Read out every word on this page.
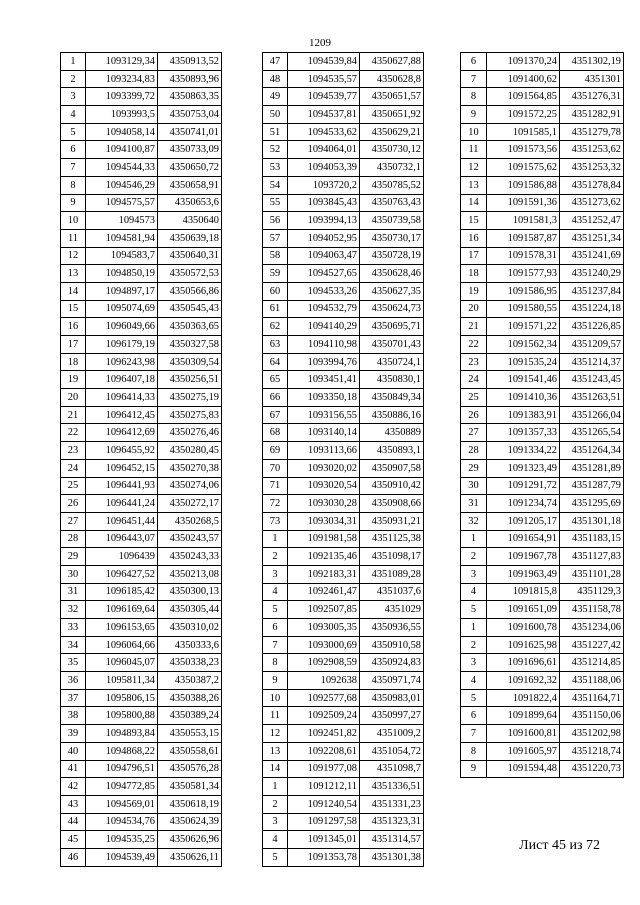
1209
1	1093129,34	4350913,52
2	1093234,83	4350893,96
3	1093399,72	4350863,35
4	1093993,5	4350753,04
5	1094058,14	4350741,01
6	1094100,87	4350733,09
7	1094544,33	4350650,72
8	1094546,29	4350658,91
9	1094575,57	4350653,6
10	1094573	4350640
11	1094581,94	4350639,18
12	1094583,7	4350640,31
13	1094850,19	4350572,53
14	1094897,17	4350566,86
15	1095074,69	4350545,43
16	1096049,66	4350363,65
17	1096179,19	4350327,58
18	1096243,98	4350309,54
19	1096407,18	4350256,51
20	1096414,33	4350275,19
21	1096412,45	4350275,83
22	1096412,69	4350276,46
23	1096455,92	4350280,45
24	1096452,15	4350270,38
25	1096441,93	4350274,06
26	1096441,24	4350272,17
27	1096451,44	4350268,5
28	1096443,07	4350243,57
29	1096439	4350243,33
30	1096427,52	4350213,08
31	1096185,42	4350300,13
32	1096169,64	4350305,44
33	1096153,65	4350310,02
34	1096064,66	4350333,6
35	1096045,07	4350338,23
36	1095811,34	4350387,2
37	1095806,15	4350388,26
38	1095800,88	4350389,24
39	1094893,84	4350553,15
40	1094868,22	4350558,61
41	1094796,51	4350576,28
42	1094772,85	4350581,34
43	1094569,01	4350618,19
44	1094534,76	4350624,39
45	1094535,25	4350626,96
46	1094539,49	4350626,11
47	1094539,84	4350627,88
48	1094535,57	4350628,8
49	1094539,77	4350651,57
50	1094537,81	4350651,92
51	1094533,62	4350629,21
52	1094064,01	4350730,12
53	1094053,39	4350732,1
54	1093720,2	4350785,52
55	1093845,43	4350763,43
56	1093994,13	4350739,58
57	1094052,95	4350730,17
58	1094063,47	4350728,19
59	1094527,65	4350628,46
60	1094533,26	4350627,35
61	1094532,79	4350624,73
62	1094140,29	4350695,71
63	1094110,98	4350701,43
64	1093994,76	4350724,1
65	1093451,41	4350830,1
66	1093350,18	4350849,34
67	1093156,55	4350886,16
68	1093140,14	4350889
69	1093113,66	4350893,1
70	1093020,02	4350907,58
71	1093020,54	4350910,42
72	1093030,28	4350908,66
73	1093034,31	4350931,21
1	1091981,58	4351125,38
2	1092135,46	4351098,17
3	1092183,31	4351089,28
4	1092461,47	4351037,6
5	1092507,85	4351029
6	1093005,35	4350936,55
7	1093000,69	4350910,58
8	1092908,59	4350924,83
9	1092638	4350971,74
10	1092577,68	4350983,01
11	1092509,24	4350997,27
12	1092451,82	4351009,2
13	1092208,61	4351054,72
14	1091977,08	4351098,7
1	1091212,11	4351336,51
2	1091240,54	4351331,23
3	1091297,58	4351323,31
4	1091345,01	4351314,57
5	1091353,78	4351301,38
6	1091370,24	4351302,19
7	1091400,62	4351301
8	1091564,85	4351276,31
9	1091572,25	4351282,91
10	1091585,1	4351279,78
11	1091573,56	4351253,62
12	1091575,62	4351253,32
13	1091586,88	4351278,84
14	1091591,36	4351273,62
15	1091581,3	4351252,47
16	1091587,87	4351251,34
17	1091578,31	4351241,69
18	1091577,93	4351240,29
19	1091586,95	4351237,84
20	1091580,55	4351224,18
21	1091571,22	4351226,85
22	1091562,34	4351209,57
23	1091535,24	4351214,37
24	1091541,46	4351243,45
25	1091410,36	4351263,51
26	1091383,91	4351266,04
27	1091357,33	4351265,54
28	1091334,22	4351264,34
29	1091323,49	4351281,89
30	1091291,72	4351287,79
31	1091234,74	4351295,69
32	1091205,17	4351301,18
1	1091654,91	4351183,15
2	1091967,78	4351127,83
3	1091963,49	4351101,28
4	1091815,8	4351129,3
5	1091651,09	4351158,78
1	1091600,78	4351234,06
2	1091625,98	4351227,42
3	1091696,61	4351214,85
4	1091692,32	4351188,06
5	1091822,4	4351164,71
6	1091899,64	4351150,06
7	1091600,81	4351202,98
8	1091605,97	4351218,74
9	1091594,48	4351220,73
Лист 45 из 72
